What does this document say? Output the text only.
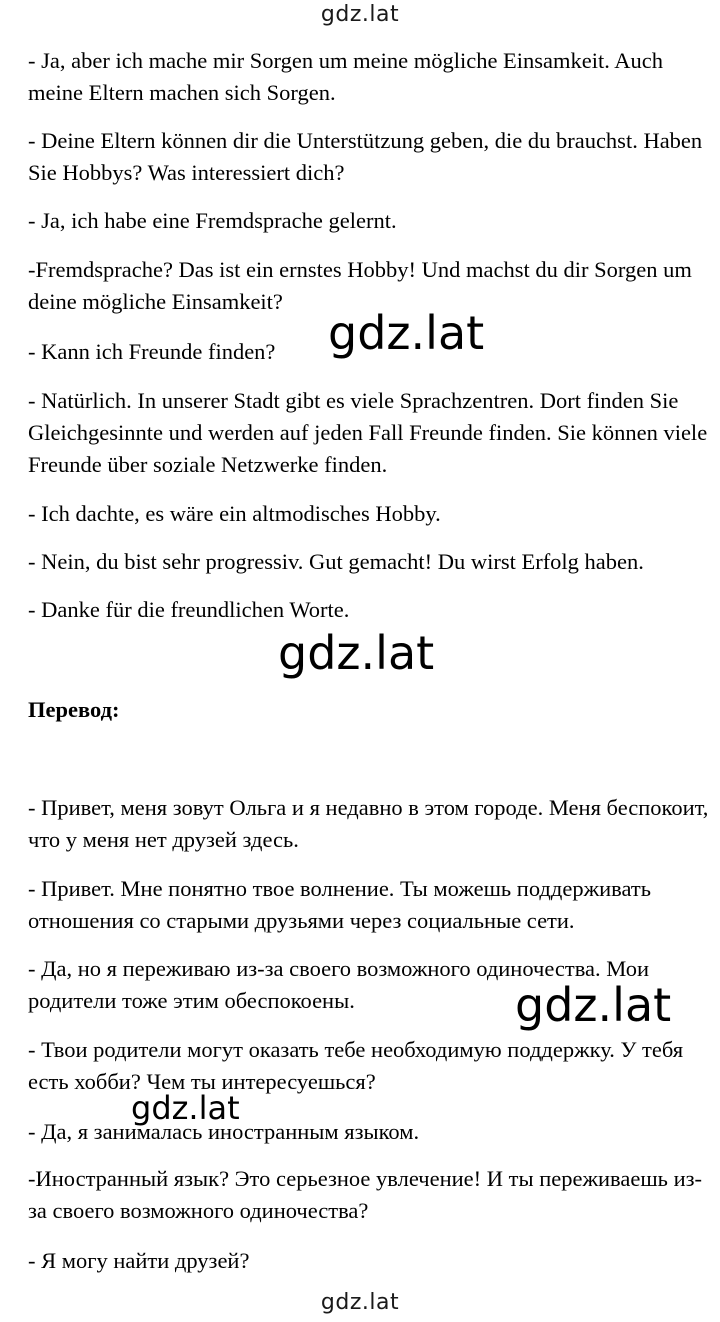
gdz.lat

- Ja, aber ich mache mir Sorgen um meine mögliche Einsamkeit. Auch meine Eltern machen sich Sorgen.

- Deine Eltern können dir die Unterstützung geben, die du brauchst. Haben Sie Hobbys? Was interessiert dich?

- Ja, ich habe eine Fremdsprache gelernt.

-Fremdsprache? Das ist ein ernstes Hobby! Und machst du dir Sorgen um deine mögliche Einsamkeit?

- Kann ich Freunde finden?

- Natürlich. In unserer Stadt gibt es viele Sprachzentren. Dort finden Sie Gleichgesinnte und werden auf jeden Fall Freunde finden. Sie können viele Freunde über soziale Netzwerke finden.

- Ich dachte, es wäre ein altmodisches Hobby.

- Nein, du bist sehr progressiv. Gut gemacht! Du wirst Erfolg haben.

- Danke für die freundlichen Worte.

Перевод:

- Привет, меня зовут Ольга и я недавно в этом городе. Меня беспокоит, что у меня нет друзей здесь.

- Привет. Мне понятно твое волнение. Ты можешь поддерживать отношения со старыми друзьями через социальные сети.

- Да, но я переживаю из-за своего возможного одиночества. Мои родители тоже этим обеспокоены.

- Твои родители могут оказать тебе необходимую поддержку. У тебя есть хобби? Чем ты интересуешься?

- Да, я занималась иностранным языком.

-Иностранный язык? Это серьезное увлечение! И ты переживаешь из-за своего возможного одиночества?

- Я могу найти друзей?

gdz.lat
gdz.lat
gdz.lat
gdz.lat
gdz.lat
